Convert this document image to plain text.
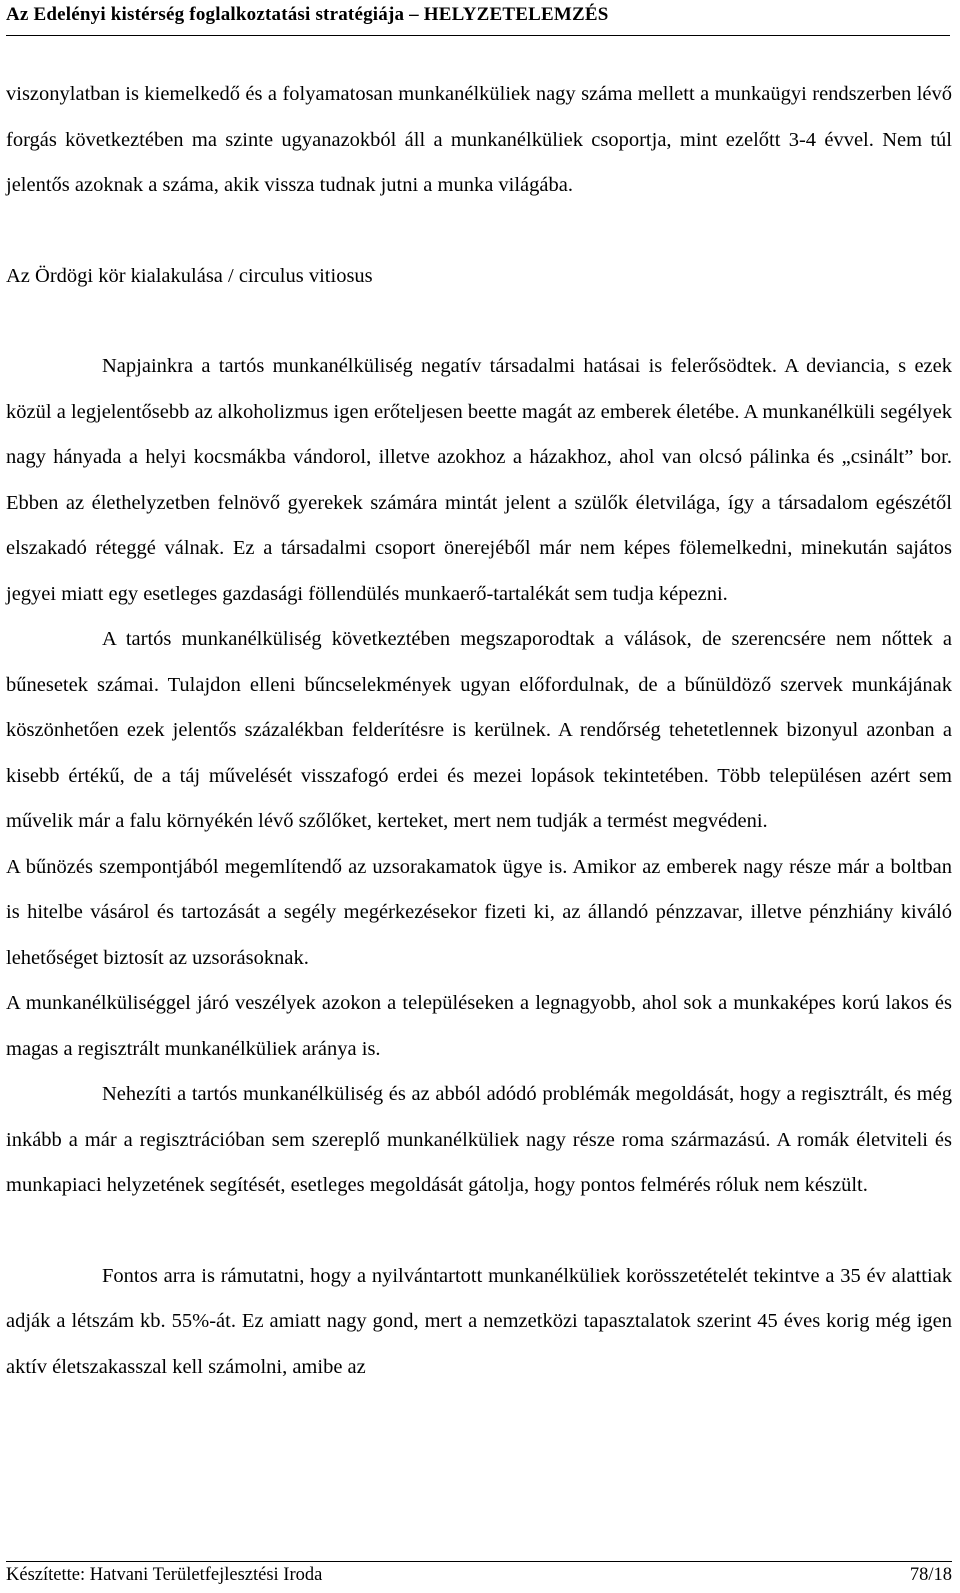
Az Edelényi kistérség foglalkoztatási stratégiája – HELYZETELEMZÉS

viszonylatban is kiemelkedő és a folyamatosan munkanélküliek nagy száma mellett a munkaügyi rendszerben lévő forgás következtében ma szinte ugyanazokból áll a munkanélküliek csoportja, mint ezelőtt 3-4 évvel. Nem túl jelentős azoknak a száma, akik vissza tudnak jutni a munka világába.

Az Ördögi kör kialakulása / circulus vitiosus

Napjainkra a tartós munkanélküliség negatív társadalmi hatásai is felerősödtek. A deviancia, s ezek közül a legjelentősebb az alkoholizmus igen erőteljesen beette magát az emberek életébe. A munkanélküli segélyek nagy hányada a helyi kocsmákba vándorol, illetve azokhoz a házakhoz, ahol van olcsó pálinka és „csinált” bor. Ebben az élethelyzetben felnövő gyerekek számára mintát jelent a szülők életvilága, így a társadalom egészétől elszakadó réteggé válnak. Ez a társadalmi csoport önerejéből már nem képes fölemelkedni, minekután sajátos jegyei miatt egy esetleges gazdasági föllendülés munkaerő-tartalékát sem tudja képezni.

A tartós munkanélküliség következtében megszaporodtak a válások, de szerencsére nem nőttek a bűnesetek számai. Tulajdon elleni bűncselekmények ugyan előfordulnak, de a bűnüldöző szervek munkájának köszönhetően ezek jelentős százalékban felderítésre is kerülnek. A rendőrség tehetetlennek bizonyul azonban a kisebb értékű, de a táj művelését visszafogó erdei és mezei lopások tekintetében. Több településen azért sem művelik már a falu környékén lévő szőlőket, kerteket, mert nem tudják a termést megvédeni.

A bűnözés szempontjából megemlítendő az uzsorakamatok ügye is. Amikor az emberek nagy része már a boltban is hitelbe vásárol és tartozását a segély megérkezésekor fizeti ki, az állandó pénzzavar, illetve pénzhiány kiváló lehetőséget biztosít az uzsorásoknak.

A munkanélküliséggel járó veszélyek azokon a településeken a legnagyobb, ahol sok a munkaképes korú lakos és magas a regisztrált munkanélküliek aránya is.

Nehezíti a tartós munkanélküliség és az abból adódó problémák megoldását, hogy a regisztrált, és még inkább a már a regisztrációban sem szereplő munkanélküliek nagy része roma származású. A romák életviteli és munkapiaci helyzetének segítését, esetleges megoldását gátolja, hogy pontos felmérés róluk nem készült.

Fontos arra is rámutatni, hogy a nyilvántartott munkanélküliek korösszetételét tekintve a 35 év alattiak adják a létszám kb. 55%-át. Ez amiatt nagy gond, mert a nemzetközi tapasztalatok szerint 45 éves korig még igen aktív életszakasszal kell számolni, amibe az

Készítette: Hatvani Területfejlesztési Iroda	78/18
